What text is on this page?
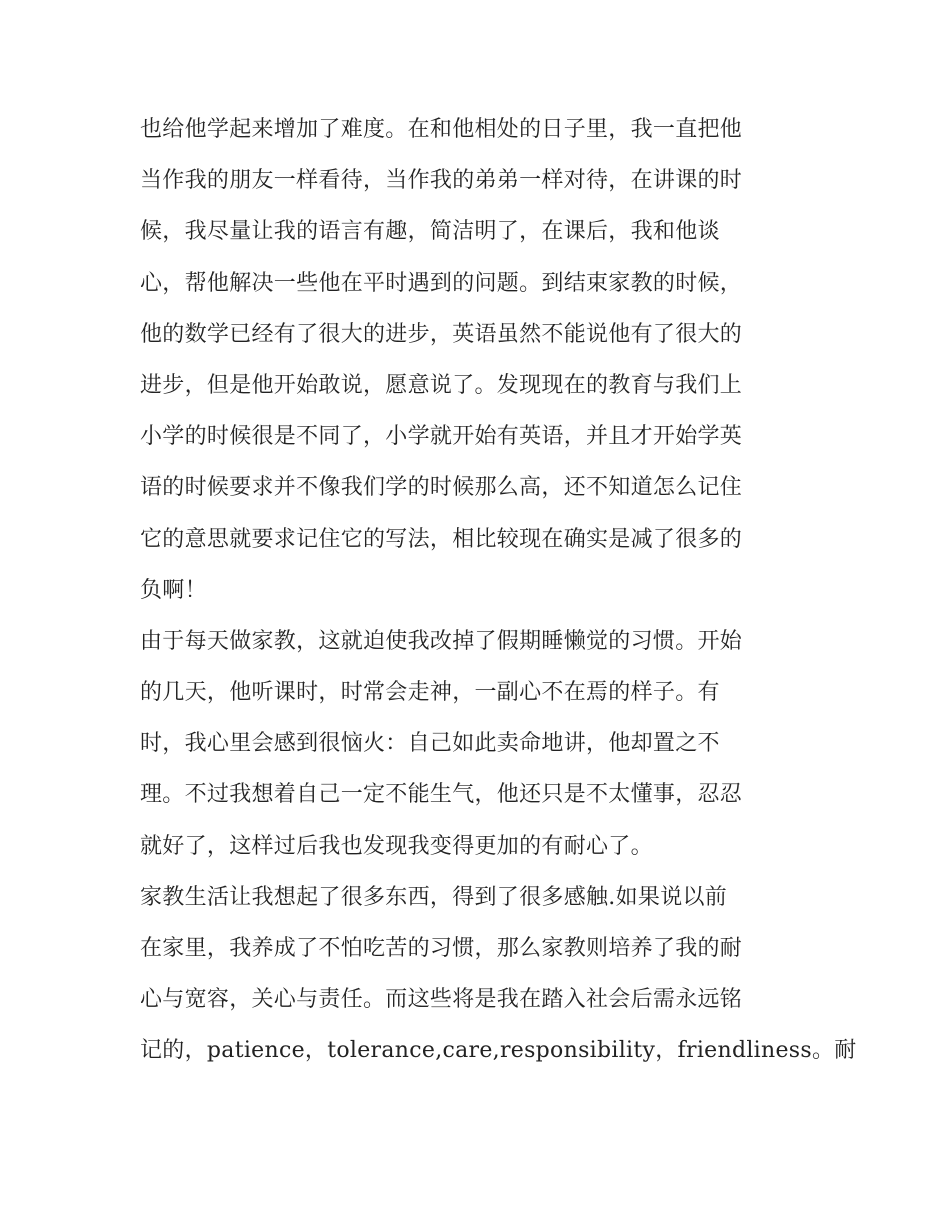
也给他学起来增加了难度。在和他相处的日子里，我一直把他
当作我的朋友一样看待，当作我的弟弟一样对待，在讲课的时
候，我尽量让我的语言有趣，简洁明了，在课后，我和他谈
心，帮他解决一些他在平时遇到的问题。到结束家教的时候，
他的数学已经有了很大的进步，英语虽然不能说他有了很大的
进步，但是他开始敢说，愿意说了。发现现在的教育与我们上
小学的时候很是不同了，小学就开始有英语，并且才开始学英
语的时候要求并不像我们学的时候那么高，还不知道怎么记住
它的意思就要求记住它的写法，相比较现在确实是减了很多的
负啊！
由于每天做家教，这就迫使我改掉了假期睡懒觉的习惯。开始
的几天，他听课时，时常会走神，一副心不在焉的样子。有
时，我心里会感到很恼火：自己如此卖命地讲，他却置之不
理。不过我想着自己一定不能生气，他还只是不太懂事，忍忍
就好了，这样过后我也发现我变得更加的有耐心了。
家教生活让我想起了很多东西，得到了很多感触.如果说以前
在家里，我养成了不怕吃苦的习惯，那么家教则培养了我的耐
心与宽容，关心与责任。而这些将是我在踏入社会后需永远铭
记的，patience，tolerance,care,responsibility，friendliness。耐
